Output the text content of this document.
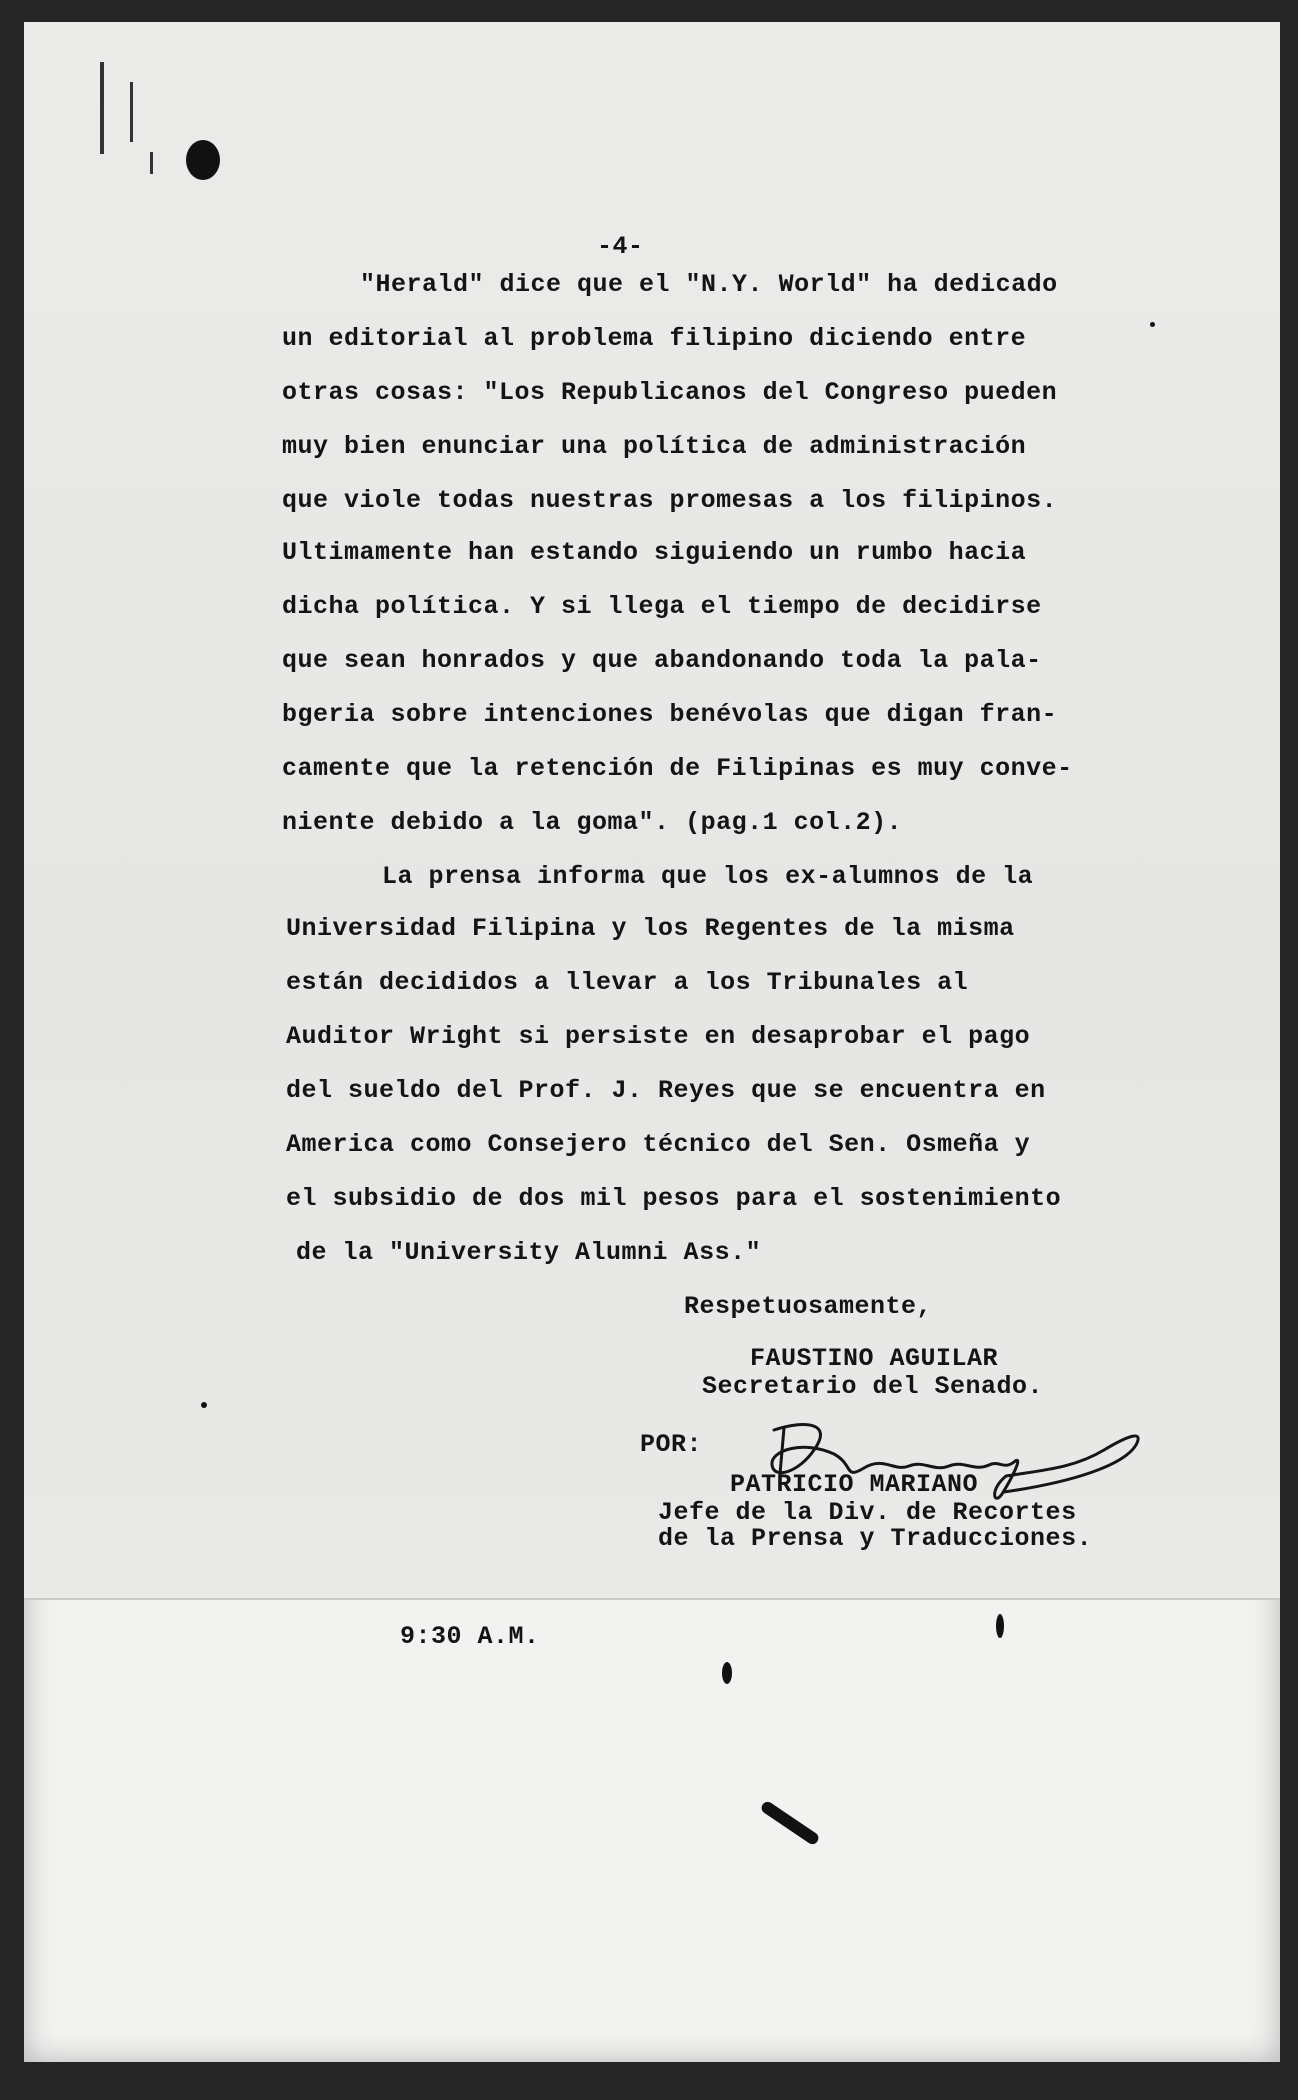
-4-

"Herald" dice que el "N.Y. World" ha dedicado

un editorial al problema filipino diciendo entre

otras cosas: "Los Republicanos del Congreso pueden

muy bien enunciar una política de administración

que viole todas nuestras promesas a los filipinos.

Ultimamente han estando siguiendo un rumbo hacia

dicha política. Y si llega el tiempo de decidirse

que sean honrados y que abandonando toda la pala-

bgeria sobre intenciones benévolas que digan fran-

camente que la retención de Filipinas es muy conve-

niente debido a la goma". (pag.1 col.2).

La prensa informa que los ex-alumnos de la

Universidad Filipina y los Regentes de la misma

están decididos a llevar a los Tribunales al

Auditor Wright si persiste en desaprobar el pago

del sueldo del Prof. J. Reyes que se encuentra en

America como Consejero técnico del Sen. Osmeña y

el subsidio de dos mil pesos para el sostenimiento

de la "University Alumni Ass."

Respetuosamente,

FAUSTINO AGUILAR

Secretario del Senado.

POR:

PATRICIO MARIANO

Jefe de la Div. de Recortes

de la Prensa y Traducciones.

9:30 A.M.
